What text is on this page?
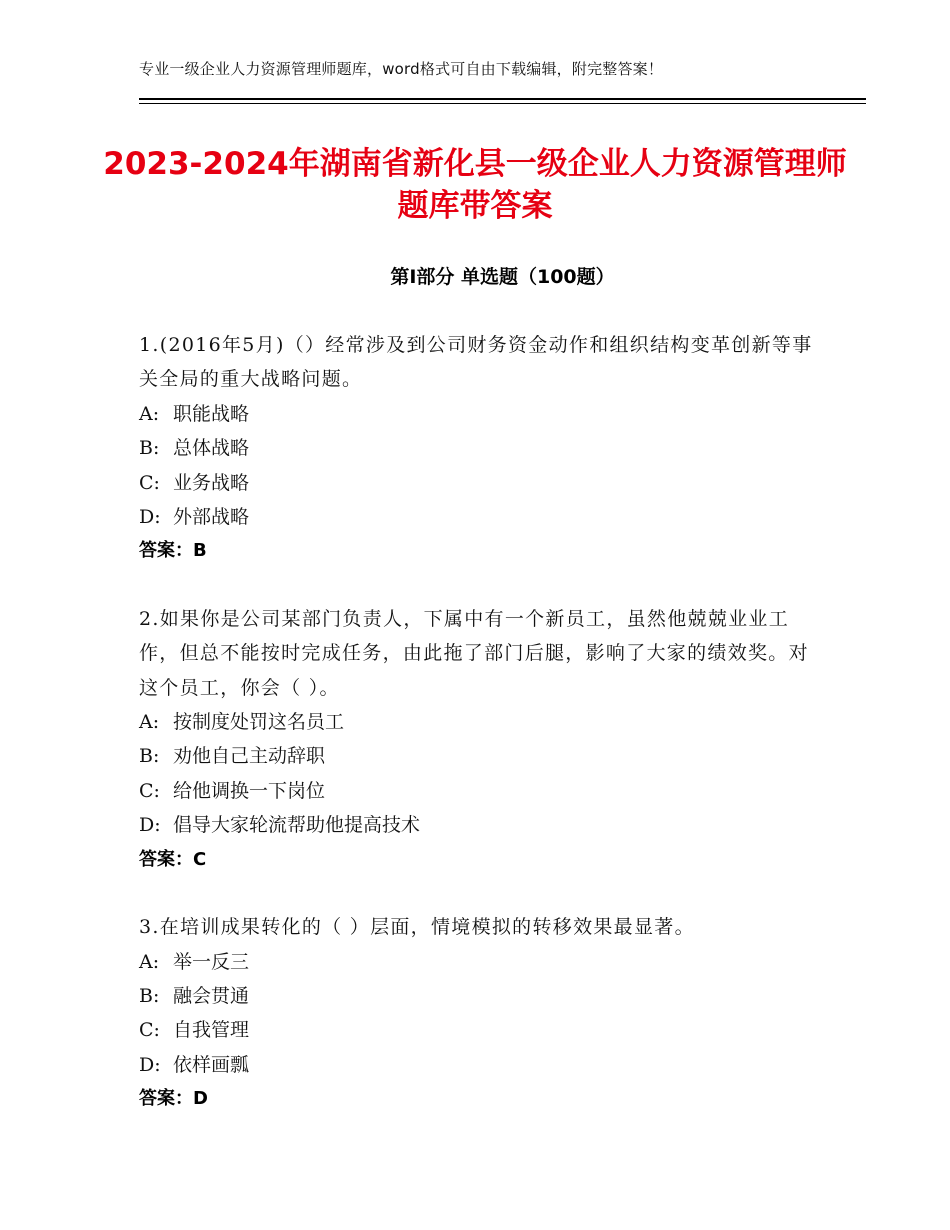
专业一级企业人力资源管理师题库，word格式可自由下载编辑，附完整答案！
2023-2024年湖南省新化县一级企业人力资源管理师题库带答案
第Ⅰ部分 单选题（100题）
1.(2016年5月)（）经常涉及到公司财务资金动作和组织结构变革创新等事关全局的重大战略问题。
A: 职能战略
B: 总体战略
C: 业务战略
D: 外部战略
答案：B
2.如果你是公司某部门负责人，下属中有一个新员工，虽然他兢兢业业工作，但总不能按时完成任务，由此拖了部门后腿，影响了大家的绩效奖。对这个员工，你会（ ）。
A: 按制度处罚这名员工
B: 劝他自己主动辞职
C: 给他调换一下岗位
D: 倡导大家轮流帮助他提高技术
答案：C
3.在培训成果转化的（ ）层面，情境模拟的转移效果最显著。
A: 举一反三
B: 融会贯通
C: 自我管理
D: 依样画瓢
答案：D
